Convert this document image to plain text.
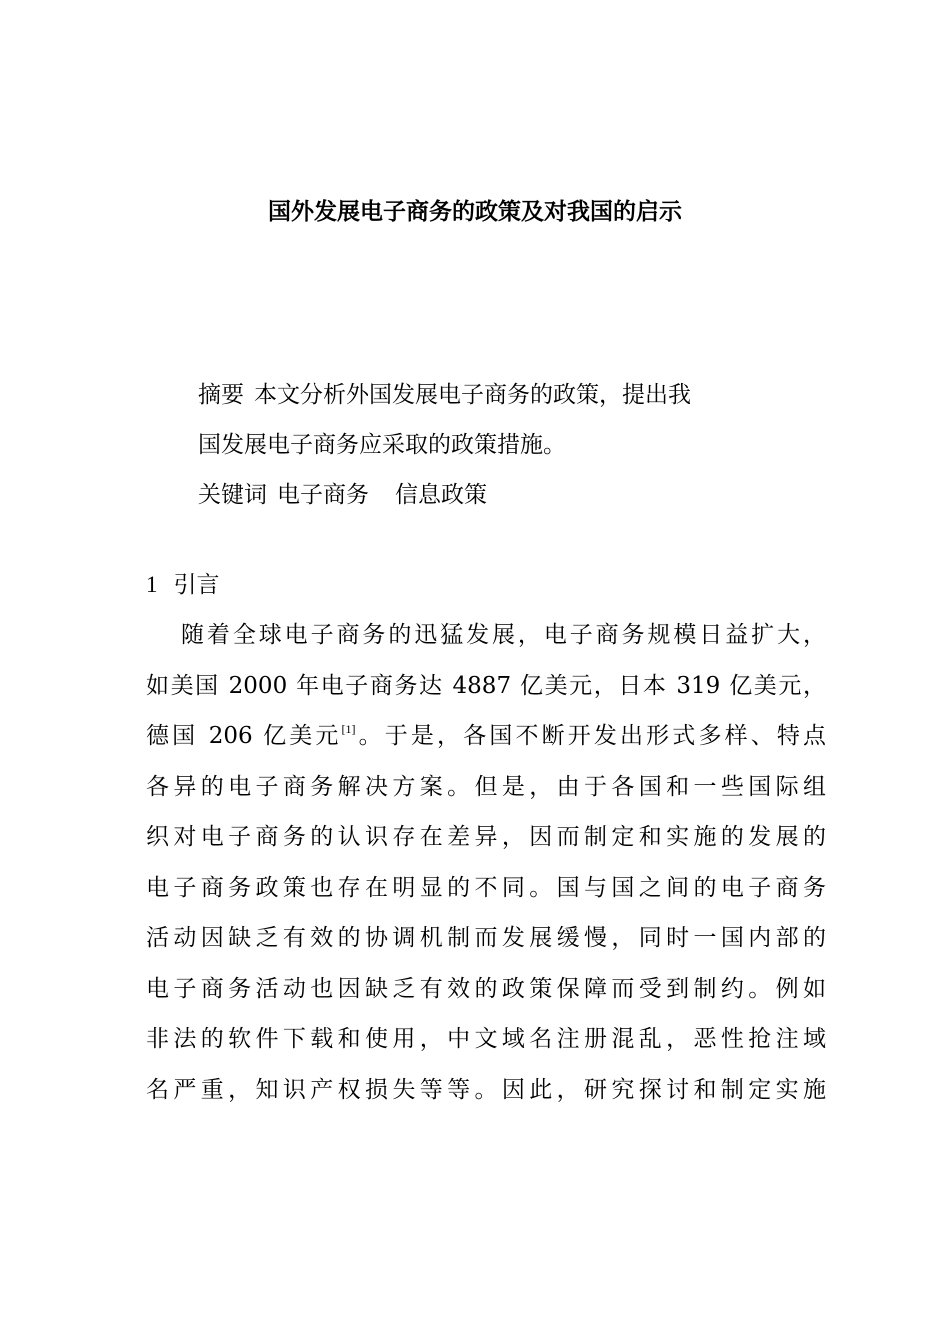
国外发展电子商务的政策及对我国的启示
摘要 本文分析外国发展电子商务的政策，提出我
国发展电子商务应采取的政策措施。
关键词 电子商务 信息政策
1 引言
随着全球电子商务的迅猛发展，电子商务规模日益扩大，
如美国 2000 年电子商务达 4887 亿美元，日本 319 亿美元，
德国 206 亿美元[1]。于是，各国不断开发出形式多样、特点
各异的电子商务解决方案。但是，由于各国和一些国际组
织对电子商务的认识存在差异，因而制定和实施的发展的
电子商务政策也存在明显的不同。国与国之间的电子商务
活动因缺乏有效的协调机制而发展缓慢，同时一国内部的
电子商务活动也因缺乏有效的政策保障而受到制约。例如
非法的软件下载和使用，中文域名注册混乱，恶性抢注域
名严重，知识产权损失等等。因此，研究探讨和制定实施
